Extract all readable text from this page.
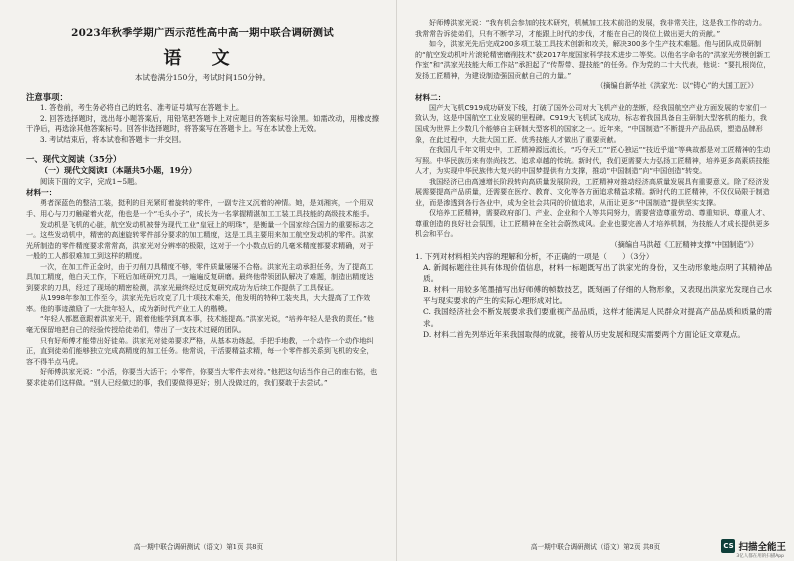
2023年秋季学期广西示范性高中高一期中联合调研测试
语 文
本试卷满分150分，考试时间150分钟。
注意事项：
1. 答卷前，考生务必将自己的姓名、准考证号填写在答题卡上。
2. 回答选择题时，选出每小题答案后，用铅笔把答题卡上对应题目的答案标号涂黑。如需改动，用橡皮擦干净后，再选涂其他答案标号。回答非选择题时，将答案写在答题卡上。写在本试卷上无效。
3. 考试结束后，将本试卷和答题卡一并交回。
一、现代文阅读（35分）
（一）现代文阅读Ⅰ（本题共5小题，19分）
阅读下面的文字，完成1~5题。
材料一：
勇者深蓝色的整洁工装，挺利的目光紧盯着旋转的零件，一副专注又沉着的神情。她，是刘湘宾，一个用双手、用心与刀刃触碰着火花，他也是一个“毛头小子”，成长为一名掌握精湛加工工装工具技能的高级技术能手。
发动机是飞机的心脏，航空发动机被誉为现代工业“皇冠上的明珠”，是衡量一个国家综合国力的重要标志之一。这些发动机中，精密的高速旋转零件部分要求的加工精度，这是工具主要用来加工航空发动机的零件。洪家光所制造的零件精度要求常常高，洪家光对分辨率的极限，这对于一个小数点后的几毫米精度都要求精确，对于一般的工人都很难加工到这样的精度。
一次，在加工件正金时，由于刃削刀具精度不够，零件质量屡屡不合格。洪家光主动承担任务，为了提高工具加工精度，他白天工作，下班后加班研究刀具，一遍遍反复研磨。最终他带领团队解决了难题，制造出精度达到要求的刀具，经过了现场的精密检测，洪家光最终经过反复研究成功为后续工作提供了工具保证。
从1998年参加工作至今，洪家光先后攻克了几十项技术难关，他发明的特种工装夹具，大大提高了工作效率。他的事迹激励了一大批年轻人，成为新时代产业工人的楷模。
“年轻人都愿意跟着洪家光干，跟着他能学到真本事，技术能提高。”洪家光说，“培养年轻人是我的责任。”他毫无保留地把自己的经验传授给徒弟们，带出了一支技术过硬的团队。
只有好师傅才能带出好徒弟。洪家光对徒弟要求严格，从基本功练起，手把手地教，一个动作一个动作地纠正，直到徒弟们能够独立完成高精度的加工任务。他常说，干活要精益求精，每一个零件都关系到飞机的安全，容不得半点马虎。
好师傅洪家光说：“小活，你要当大活干；小零件，你要当大零件去对待。”他把这句话当作自己的座右铭，也要求徒弟们这样做。“别人已经做过的事，我们要做得更好；别人没做过的，我们要敢于去尝试。”
高一期中联合调研测试（语文）第1页 共8页
好师傅洪家光说：“我有机会参加的技术研究，机械加工技术前沿的发展，我非常关注，这是我工作的动力。我常常告诉徒弟们，只有不断学习，才能跟上时代的步伐，才能在自己的岗位上做出更大的贡献。”
如今，洪家光先后完成200多项工装工具技术创新和攻关，解决300多个生产技术难题。他与团队成员研制的“航空发动机叶片滚轮精密磨削技术”获2017年度国家科学技术进步二等奖。以他名字命名的“洪家光劳模创新工作室”和“洪家光技能大师工作站”承担起了“传帮带、提技能”的任务。作为党的二十大代表，他说：“要扎根岗位，发扬工匠精神，为建设制造强国贡献自己的力量。”
（摘编自新华社《洪家光：以“铸心”的大国工匠》）
材料二：
国产大飞机C919成功研发下线，打破了国外公司对大飞机产业的垄断，经我国航空产业方面发展的专家们一致认为，这是中国航空工业发展的里程碑。C919大飞机试飞成功，标志着我国具备自主研制大型客机的能力，我国成为世界上少数几个能够自主研制大型客机的国家之一。近年来，“中国制造”不断提升产品品质，塑造品牌形象，在此过程中，大批大国工匠、优秀技能人才做出了重要贡献。
在我国几千年文明史中，工匠精神源远流长，“巧夺天工”“匠心独运”“技近乎道”等典故都是对工匠精神的生动写照。中华民族历来有崇尚技艺、追求卓越的传统。新时代，我们更需要大力弘扬工匠精神，培养更多高素质技能人才，为实现中华民族伟大复兴的中国梦提供有力支撑，推动“中国制造”向“中国创造”转变。
我国经济已由高速增长阶段转向高质量发展阶段，工匠精神对推动经济高质量发展具有重要意义。除了经济发展需要提高产品质量，还需要在医疗、教育、文化等各方面追求精益求精。新时代的工匠精神，不仅仅局限于制造业，而是渗透到各行各业中，成为全社会共同的价值追求，从而让更多“中国制造”提供坚实支撑。
仅培养工匠精神，需要政府部门、产业、企业和个人等共同努力，需要营造尊重劳动、尊重知识、尊重人才、尊重创造的良好社会氛围，让工匠精神在全社会蔚然成风。企业也要完善人才培养机制，为技能人才成长提供更多机会和平台。
（摘编自马洪超《工匠精神支撑“中国制造”》）
1. 下列对材料相关内容的理解和分析，不正确的一项是（　　）（3分）
A. 新闻标题往往具有体现价值信息，材料一标题既写出了洪家光的身份，又生动形象地点明了其精神品质。
B. 材料一用较多笔墨描写出好师傅的帧数技艺，既刻画了仔细的人物形象，又表现出洪家光发现自己水平与现实要求的产生的实际心理形成对比。
C. 我国经济社会不断发展要求我们要重视产品品质，这样才能满足人民群众对提高产品品质和质量的需求。
D. 材料二首先列举近年来我国取得的成就，接着从历史发展和现实需要两个方面论证文章观点。
高一期中联合调研测试（语文）第2页 共8页	CS 扫描全能王
3亿人都在用的扫描App
